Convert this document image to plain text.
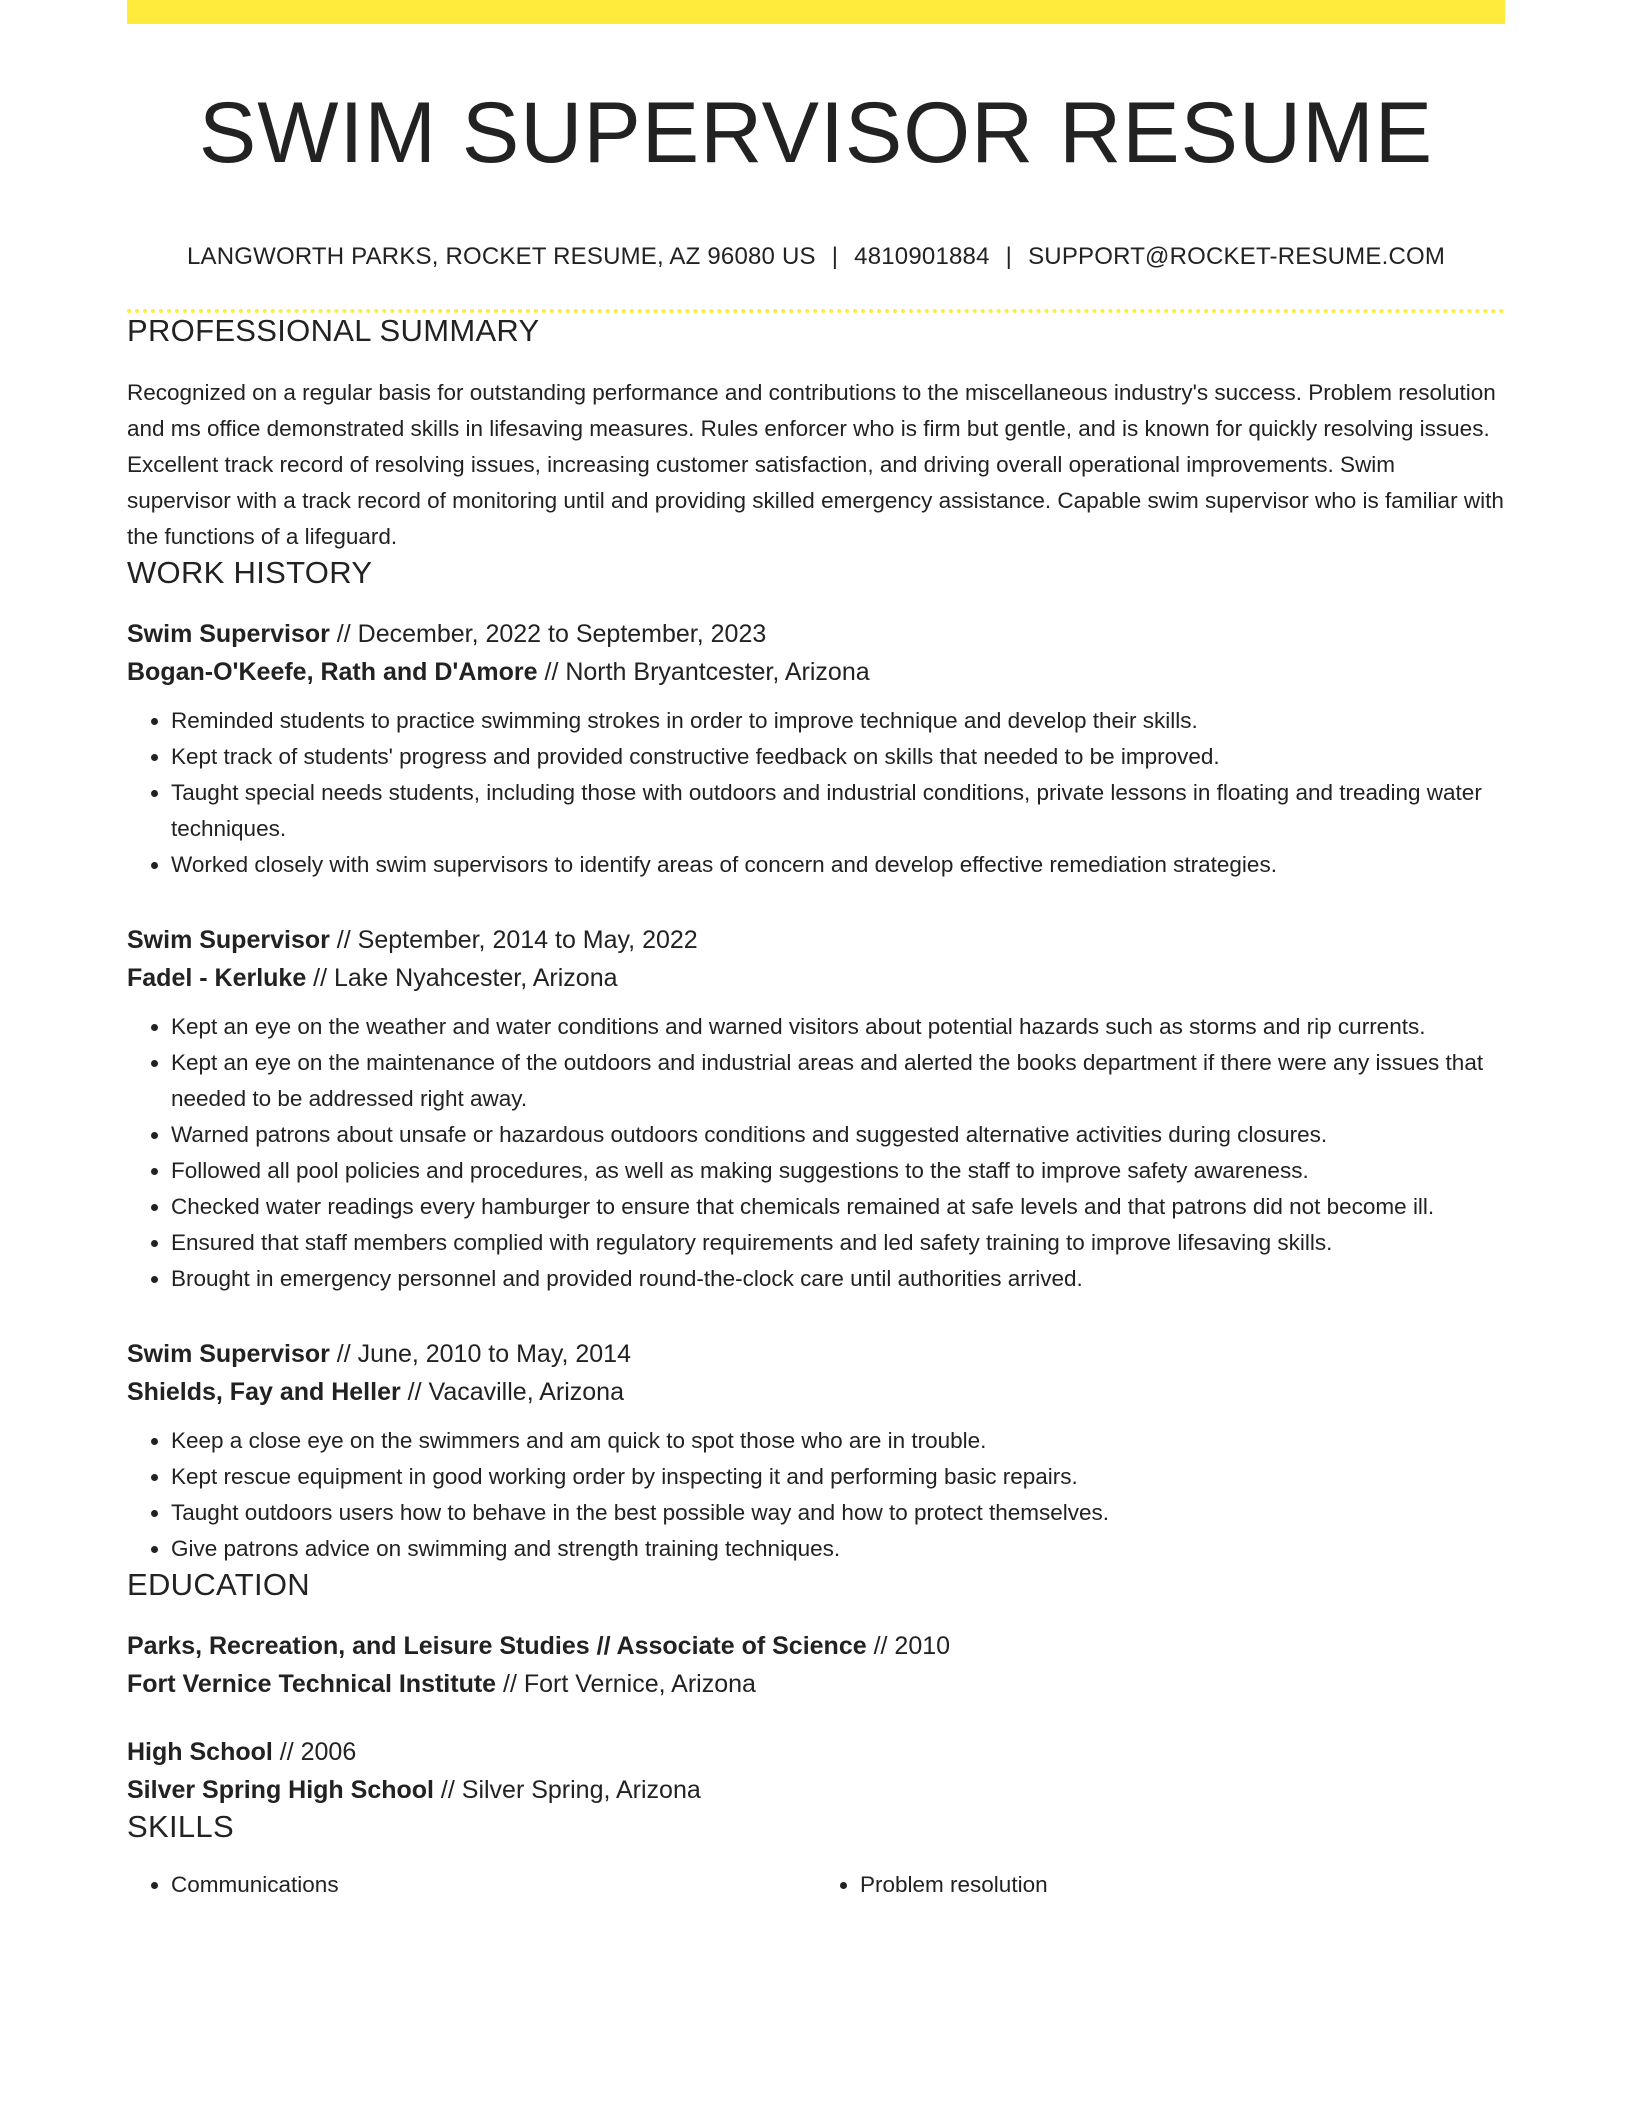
SWIM SUPERVISOR RESUME
LANGWORTH PARKS, ROCKET RESUME, AZ 96080 US | 4810901884 | SUPPORT@ROCKET-RESUME.COM
PROFESSIONAL SUMMARY

Recognized on a regular basis for outstanding performance and contributions to the miscellaneous industry's success. Problem resolution and ms office demonstrated skills in lifesaving measures. Rules enforcer who is firm but gentle, and is known for quickly resolving issues. Excellent track record of resolving issues, increasing customer satisfaction, and driving overall operational improvements. Swim supervisor with a track record of monitoring until and providing skilled emergency assistance. Capable swim supervisor who is familiar with the functions of a lifeguard.

WORK HISTORY
Swim Supervisor // December, 2022 to September, 2023
Bogan-O'Keefe, Rath and D'Amore // North Bryantcester, Arizona
• Reminded students to practice swimming strokes in order to improve technique and develop their skills.
• Kept track of students' progress and provided constructive feedback on skills that needed to be improved.
• Taught special needs students, including those with outdoors and industrial conditions, private lessons in floating and treading water techniques.
• Worked closely with swim supervisors to identify areas of concern and develop effective remediation strategies.
Swim Supervisor // September, 2014 to May, 2022
Fadel - Kerluke // Lake Nyahcester, Arizona
• Kept an eye on the weather and water conditions and warned visitors about potential hazards such as storms and rip currents.
• Kept an eye on the maintenance of the outdoors and industrial areas and alerted the books department if there were any issues that needed to be addressed right away.
• Warned patrons about unsafe or hazardous outdoors conditions and suggested alternative activities during closures.
• Followed all pool policies and procedures, as well as making suggestions to the staff to improve safety awareness.
• Checked water readings every hamburger to ensure that chemicals remained at safe levels and that patrons did not become ill.
• Ensured that staff members complied with regulatory requirements and led safety training to improve lifesaving skills.
• Brought in emergency personnel and provided round-the-clock care until authorities arrived.
Swim Supervisor // June, 2010 to May, 2014
Shields, Fay and Heller // Vacaville, Arizona
• Keep a close eye on the swimmers and am quick to spot those who are in trouble.
• Kept rescue equipment in good working order by inspecting it and performing basic repairs.
• Taught outdoors users how to behave in the best possible way and how to protect themselves.
• Give patrons advice on swimming and strength training techniques.
EDUCATION
Parks, Recreation, and Leisure Studies // Associate of Science // 2010
Fort Vernice Technical Institute // Fort Vernice, Arizona
High School // 2006
Silver Spring High School // Silver Spring, Arizona
SKILLS
• Communications
•	Problem resolution
